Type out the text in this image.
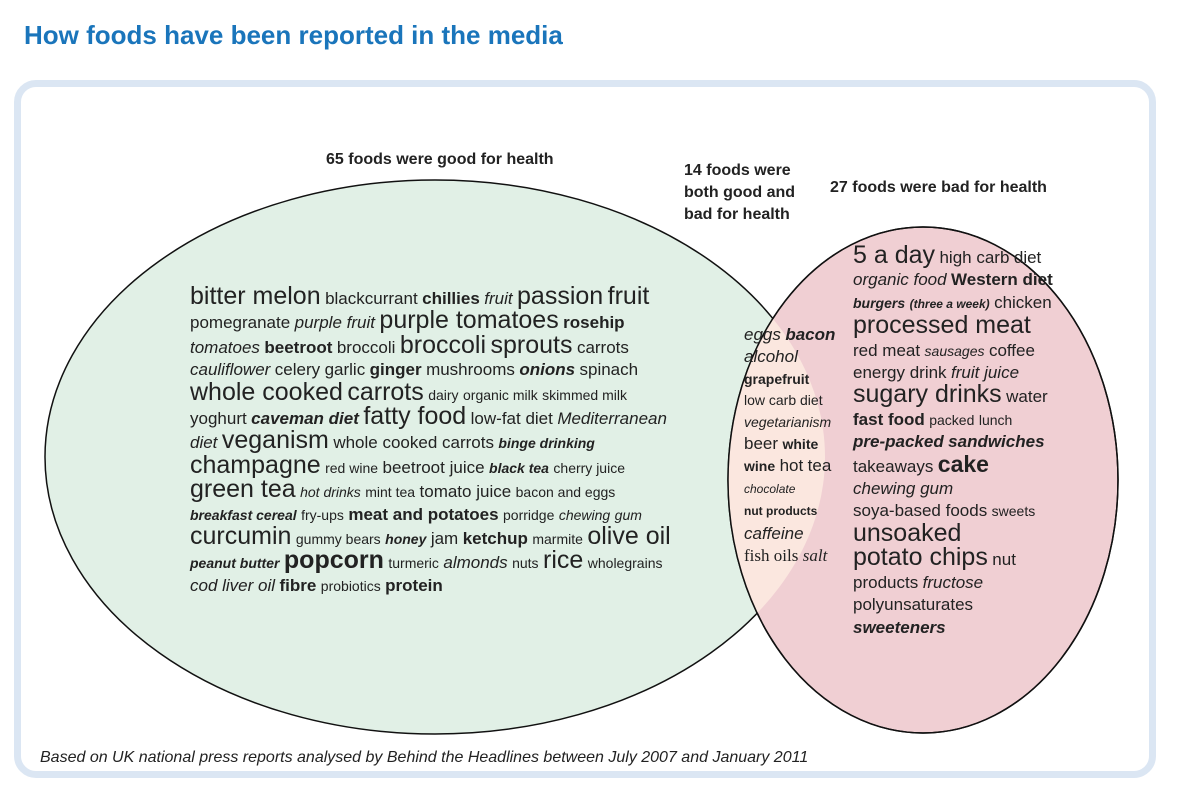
How foods have been reported in the media
65 foods were good for health
14 foods were
both good and
bad for health
27 foods were bad for health
bitter melon blackcurrant chillies fruit passion fruit pomegranate purple fruit purple tomatoes rosehip tomatoes beetroot broccoli broccoli sprouts carrots cauliflower celery garlic ginger mushrooms onions spinach whole cooked carrots dairy organic milk skimmed milk yoghurt caveman diet fatty food low-fat diet Mediterranean diet veganism whole cooked carrots binge drinking champagne red wine beetroot juice black tea cherry juice green tea hot drinks mint tea tomato juice bacon and eggs breakfast cereal fry-ups meat and potatoes porridge chewing gum curcumin gummy bears honey jam ketchup marmite olive oil peanut butter popcorn turmeric almonds nuts rice wholegrains cod liver oil fibre probiotics protein
eggs bacon alcohol grapefruit low carb diet vegetarianism beer white wine hot tea chocolate nut products caffeine fish oils salt
5 a day high carb diet organic food Western diet burgers (three a week) chicken processed meat red meat sausages coffee energy drink fruit juice sugary drinks water fast food packed lunch pre-packed sandwiches takeaways cake chewing gum soya-based foods sweets unsoaked potato chips nut products fructose polyunsaturates sweeteners
Based on UK national press reports analysed by Behind the Headlines between July 2007 and January 2011
